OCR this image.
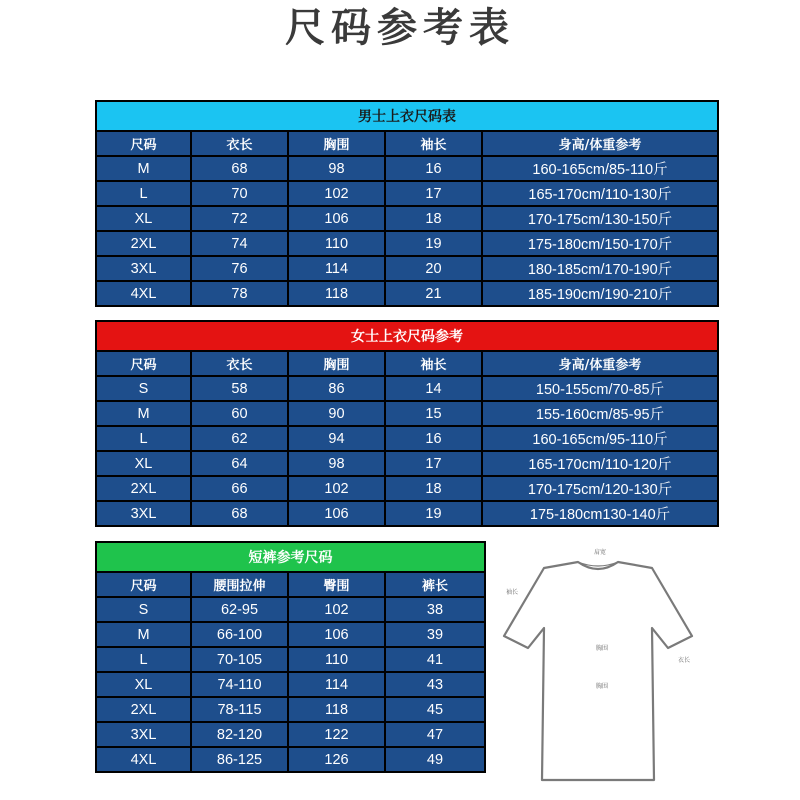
尺码参考表
男士上衣尺码表				
尺码	衣长	胸围	袖长	身高/体重参考
M	68	98	16	160-165cm/85-110斤
L	70	102	17	165-170cm/110-130斤
XL	72	106	18	170-175cm/130-150斤
2XL	74	110	19	175-180cm/150-170斤
3XL	76	114	20	180-185cm/170-190斤
4XL	78	118	21	185-190cm/190-210斤
女士上衣尺码参考				
尺码	衣长	胸围	袖长	身高/体重参考
S	58	86	14	150-155cm/70-85斤
M	60	90	15	155-160cm/85-95斤
L	62	94	16	160-165cm/95-110斤
XL	64	98	17	165-170cm/110-120斤
2XL	66	102	18	170-175cm/120-130斤
3XL	68	106	19	175-180cm130-140斤
短裤参考尺码			
尺码	腰围拉伸	臀围	裤长
S	62-95	102	38
M	66-100	106	39
L	70-105	110	41
XL	74-110	114	43
2XL	78-115	118	45
3XL	82-120	122	47
4XL	86-125	126	49
肩宽
袖长
胸围
胸围
衣长
